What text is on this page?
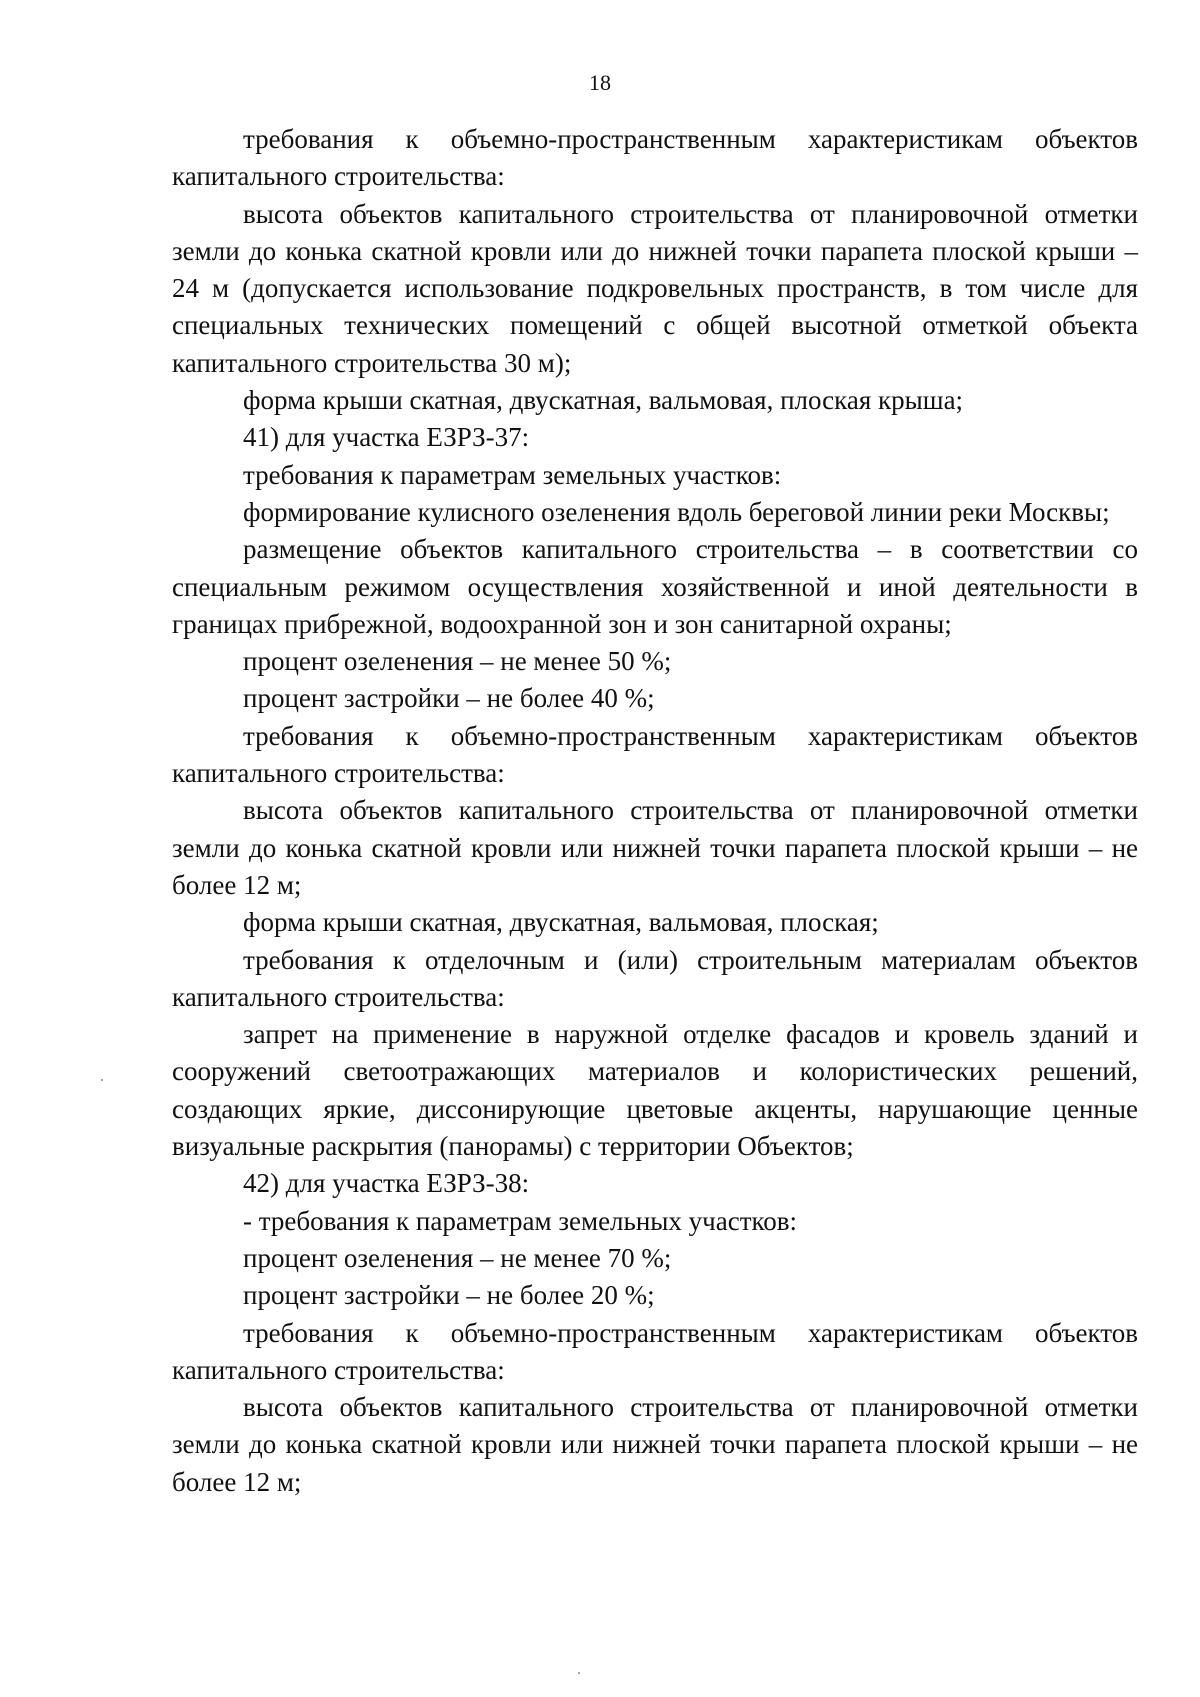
18

требования к объемно-пространственным характеристикам объектов капитального строительства:

высота объектов капитального строительства от планировочной отметки земли до конька скатной кровли или до нижней точки парапета плоской крыши – 24 м (допускается использование подкровельных пространств, в том числе для специальных технических помещений с общей высотной отметкой объекта капитального строительства 30 м);

форма крыши скатная, двускатная, вальмовая, плоская крыша;

41) для участка ЕЗРЗ-37:

требования к параметрам земельных участков:

формирование кулисного озеленения вдоль береговой линии реки Москвы;

размещение объектов капитального строительства – в соответствии со специальным режимом осуществления хозяйственной и иной деятельности в границах прибрежной, водоохранной зон и зон санитарной охраны;

процент озеленения – не менее 50 %;

процент застройки – не более 40 %;

требования к объемно-пространственным характеристикам объектов капитального строительства:

высота объектов капитального строительства от планировочной отметки земли до конька скатной кровли или нижней точки парапета плоской крыши – не более 12 м;

форма крыши скатная, двускатная, вальмовая, плоская;

требования к отделочным и (или) строительным материалам объектов капитального строительства:

запрет на применение в наружной отделке фасадов и кровель зданий и сооружений светоотражающих материалов и колористических решений, создающих яркие, диссонирующие цветовые акценты, нарушающие ценные визуальные раскрытия (панорамы) с территории Объектов;

42) для участка ЕЗРЗ-38:

- требования к параметрам земельных участков:

процент озеленения – не менее 70 %;

процент застройки – не более 20 %;

требования к объемно-пространственным характеристикам объектов капитального строительства:

высота объектов капитального строительства от планировочной отметки земли до конька скатной кровли или нижней точки парапета плоской крыши – не более 12 м;
